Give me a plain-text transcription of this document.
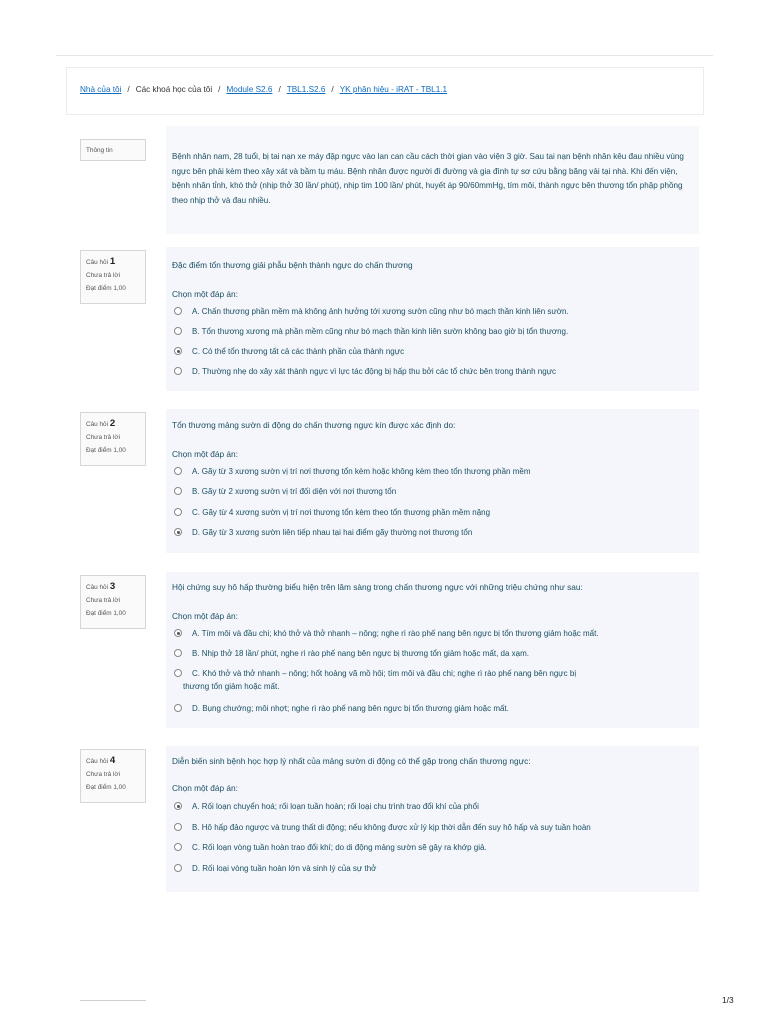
Nhà của tôi / Các khoá học của tôi / Module S2.6 / TBL1.S2.6 / YK phân hiệu - iRAT - TBL1.1
Thông tin
Bệnh nhân nam, 28 tuổi, bị tai nạn xe máy đập ngực vào lan can cầu cách thời gian vào viện 3 giờ. Sau tai nạn bệnh nhân kêu đau nhiều vùng ngực bên phải kèm theo xây xát và bầm tụ máu. Bệnh nhân được người đi đường và gia đình tự sơ cứu bằng băng vải tại nhà. Khi đến viện, bệnh nhân tỉnh, khó thở (nhịp thở 30 lần/ phút), nhịp tim 100 lần/ phút, huyết áp 90/60mmHg, tím môi, thành ngực bên thương tổn phập phồng theo nhịp thở và đau nhiều.
Câu hỏi 1
Chưa trả lời
Đạt điểm 1,00
Đặc điểm tổn thương giải phẫu bệnh thành ngực do chấn thương
Chọn một đáp án:
A. Chấn thương phần mềm mà không ảnh hưởng tới xương sườn cũng như bó mạch thần kinh liên sườn.
B. Tổn thương xương mà phần mềm cũng như bó mạch thần kinh liên sườn không bao giờ bị tổn thương.
C. Có thể tổn thương tất cả các thành phần của thành ngực
D. Thường nhẹ do xây xát thành ngực vì lực tác động bị hấp thu bởi các tổ chức bên trong thành ngực
Câu hỏi 2
Chưa trả lời
Đạt điểm 1,00
Tổn thương mảng sườn di động do chấn thương ngực kín được xác định do:
Chọn một đáp án:
A. Gãy từ 3 xương sườn vị trí nơi thương tổn kèm hoặc không kèm theo tổn thương phần mềm
B. Gãy từ 2 xương sườn vị trí đối diện với nơi thương tổn
C. Gãy từ 4 xương sườn vị trí nơi thương tổn kèm theo tổn thương phần mềm nặng
D. Gãy từ 3 xương sườn liên tiếp nhau tại hai điểm gãy thường nơi thương tổn
Câu hỏi 3
Chưa trả lời
Đạt điểm 1,00
Hội chứng suy hô hấp thường biểu hiện trên lâm sàng trong chấn thương ngực với những triệu chứng như sau:
Chọn một đáp án:
A. Tím môi và đầu chi; khó thở và thở nhanh – nông; nghe rì rào phế nang bên ngực bị tổn thương giảm hoặc mất.
B. Nhịp thở 18 lần/ phút, nghe rì rào phế nang bên ngực bị thương tổn giảm hoặc mất, da xạm.
C. Khó thở và thở nhanh – nông; hốt hoảng vã mồ hôi; tím môi và đầu chi; nghe rì rào phế nang bên ngực bị
thương tổn giảm hoặc mất.
D. Bụng chướng; môi nhợt; nghe rì rào phế nang bên ngực bị tổn thương giảm hoặc mất.
Câu hỏi 4
Chưa trả lời
Đạt điểm 1,00
Diễn biến sinh bệnh học hợp lý nhất của mảng sườn di động có thể gặp trong chấn thương ngực:
Chọn một đáp án:
A. Rối loạn chuyển hoá; rối loạn tuần hoàn; rối loại chu trình trao đổi khí của phổi
B. Hô hấp đảo ngược và trung thất di động; nếu không được xử lý kịp thời dẫn đến suy hô hấp và suy tuần hoàn
C. Rối loạn vòng tuần hoàn trao đổi khí; do di động mảng sườn sẽ gây ra khớp giả.
D. Rối loại vòng tuần hoàn lớn và sinh lý của sự thở
1/3
